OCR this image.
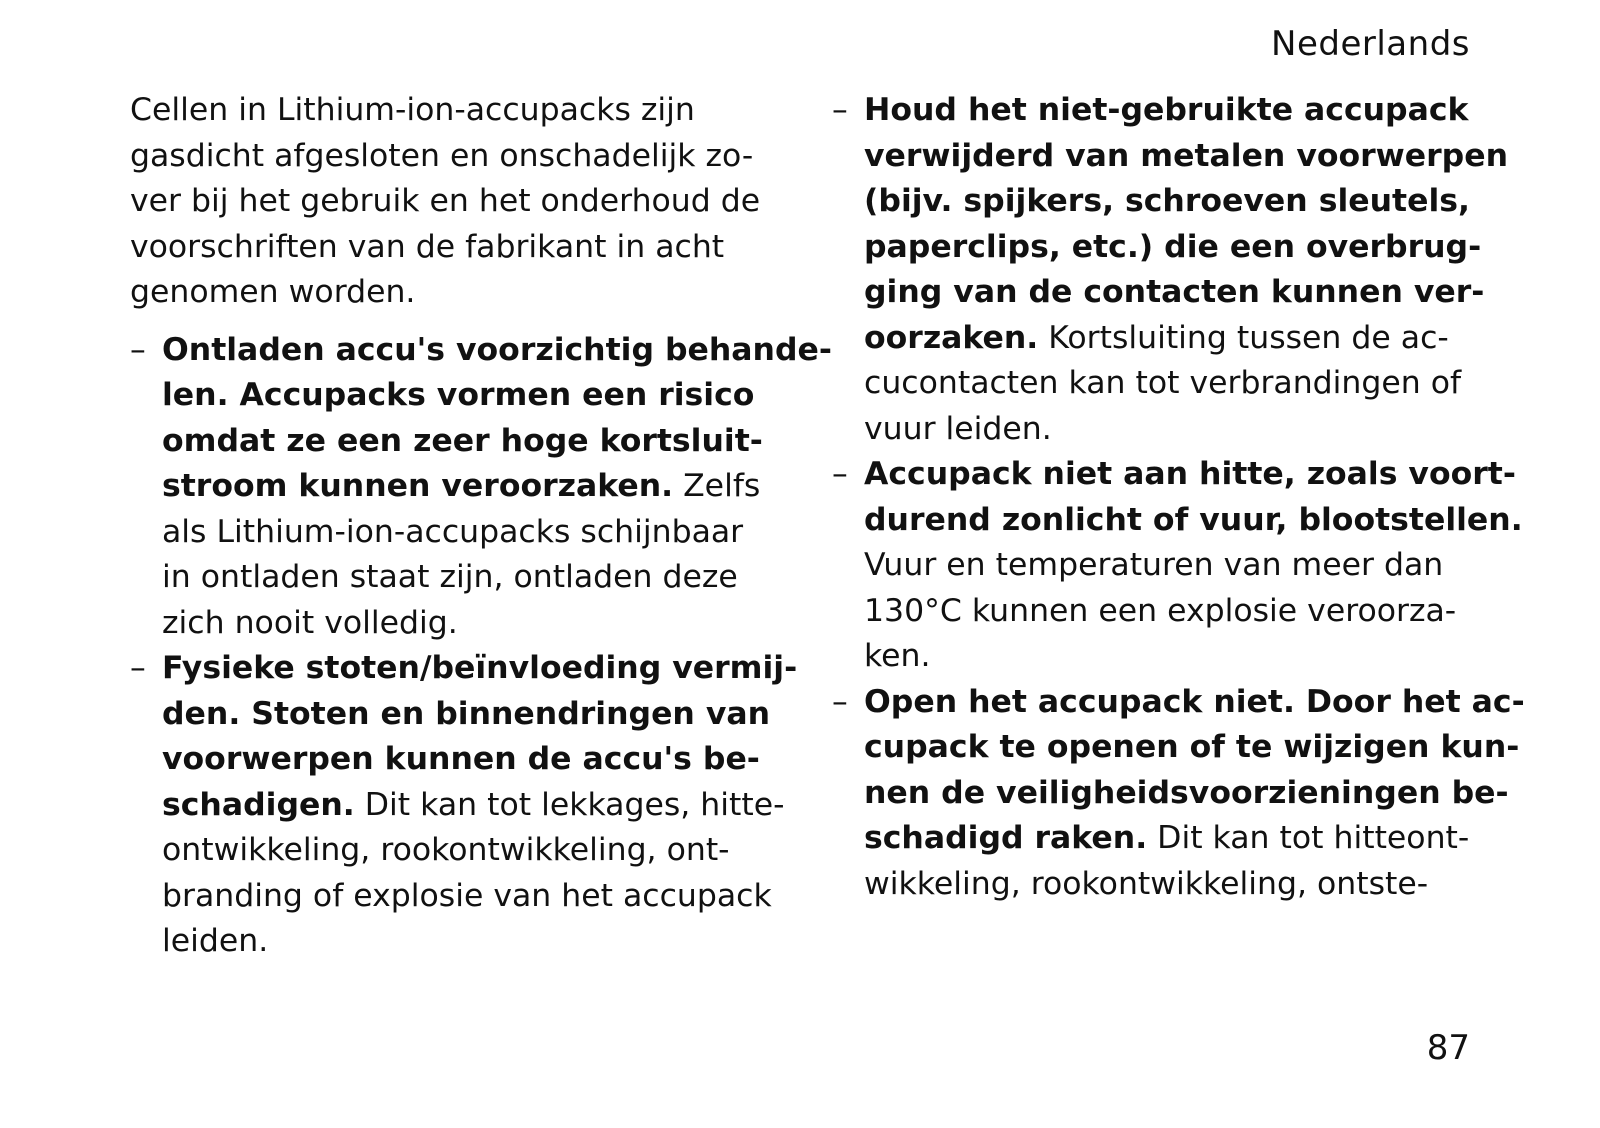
Nederlands
Cellen in Lithium-ion-accupacks zijn
gasdicht afgesloten en onschadelijk zo-
ver bij het gebruik en het onderhoud de
voorschriften van de fabrikant in acht
genomen worden.
– Ontladen accu's voorzichtig behande-
len. Accupacks vormen een risico
omdat ze een zeer hoge kortsluit-
stroom kunnen veroorzaken. Zelfs
als Lithium-ion-accupacks schijnbaar
in ontladen staat zijn, ontladen deze
zich nooit volledig.
– Fysieke stoten/beïnvloeding vermij-
den. Stoten en binnendringen van
voorwerpen kunnen de accu's be-
schadigen. Dit kan tot lekkages, hitte-
ontwikkeling, rookontwikkeling, ont-
branding of explosie van het accupack
leiden.
– Houd het niet-gebruikte accupack
verwijderd van metalen voorwerpen
(bijv. spijkers, schroeven sleutels,
paperclips, etc.) die een overbrug-
ging van de contacten kunnen ver-
oorzaken. Kortsluiting tussen de ac-
cucontacten kan tot verbrandingen of
vuur leiden.
– Accupack niet aan hitte, zoals voort-
durend zonlicht of vuur, blootstellen.
Vuur en temperaturen van meer dan
130°C kunnen een explosie veroorza-
ken.
– Open het accupack niet. Door het ac-
cupack te openen of te wijzigen kun-
nen de veiligheidsvoorzieningen be-
schadigd raken. Dit kan tot hitteont-
wikkeling, rookontwikkeling, ontste-
87
